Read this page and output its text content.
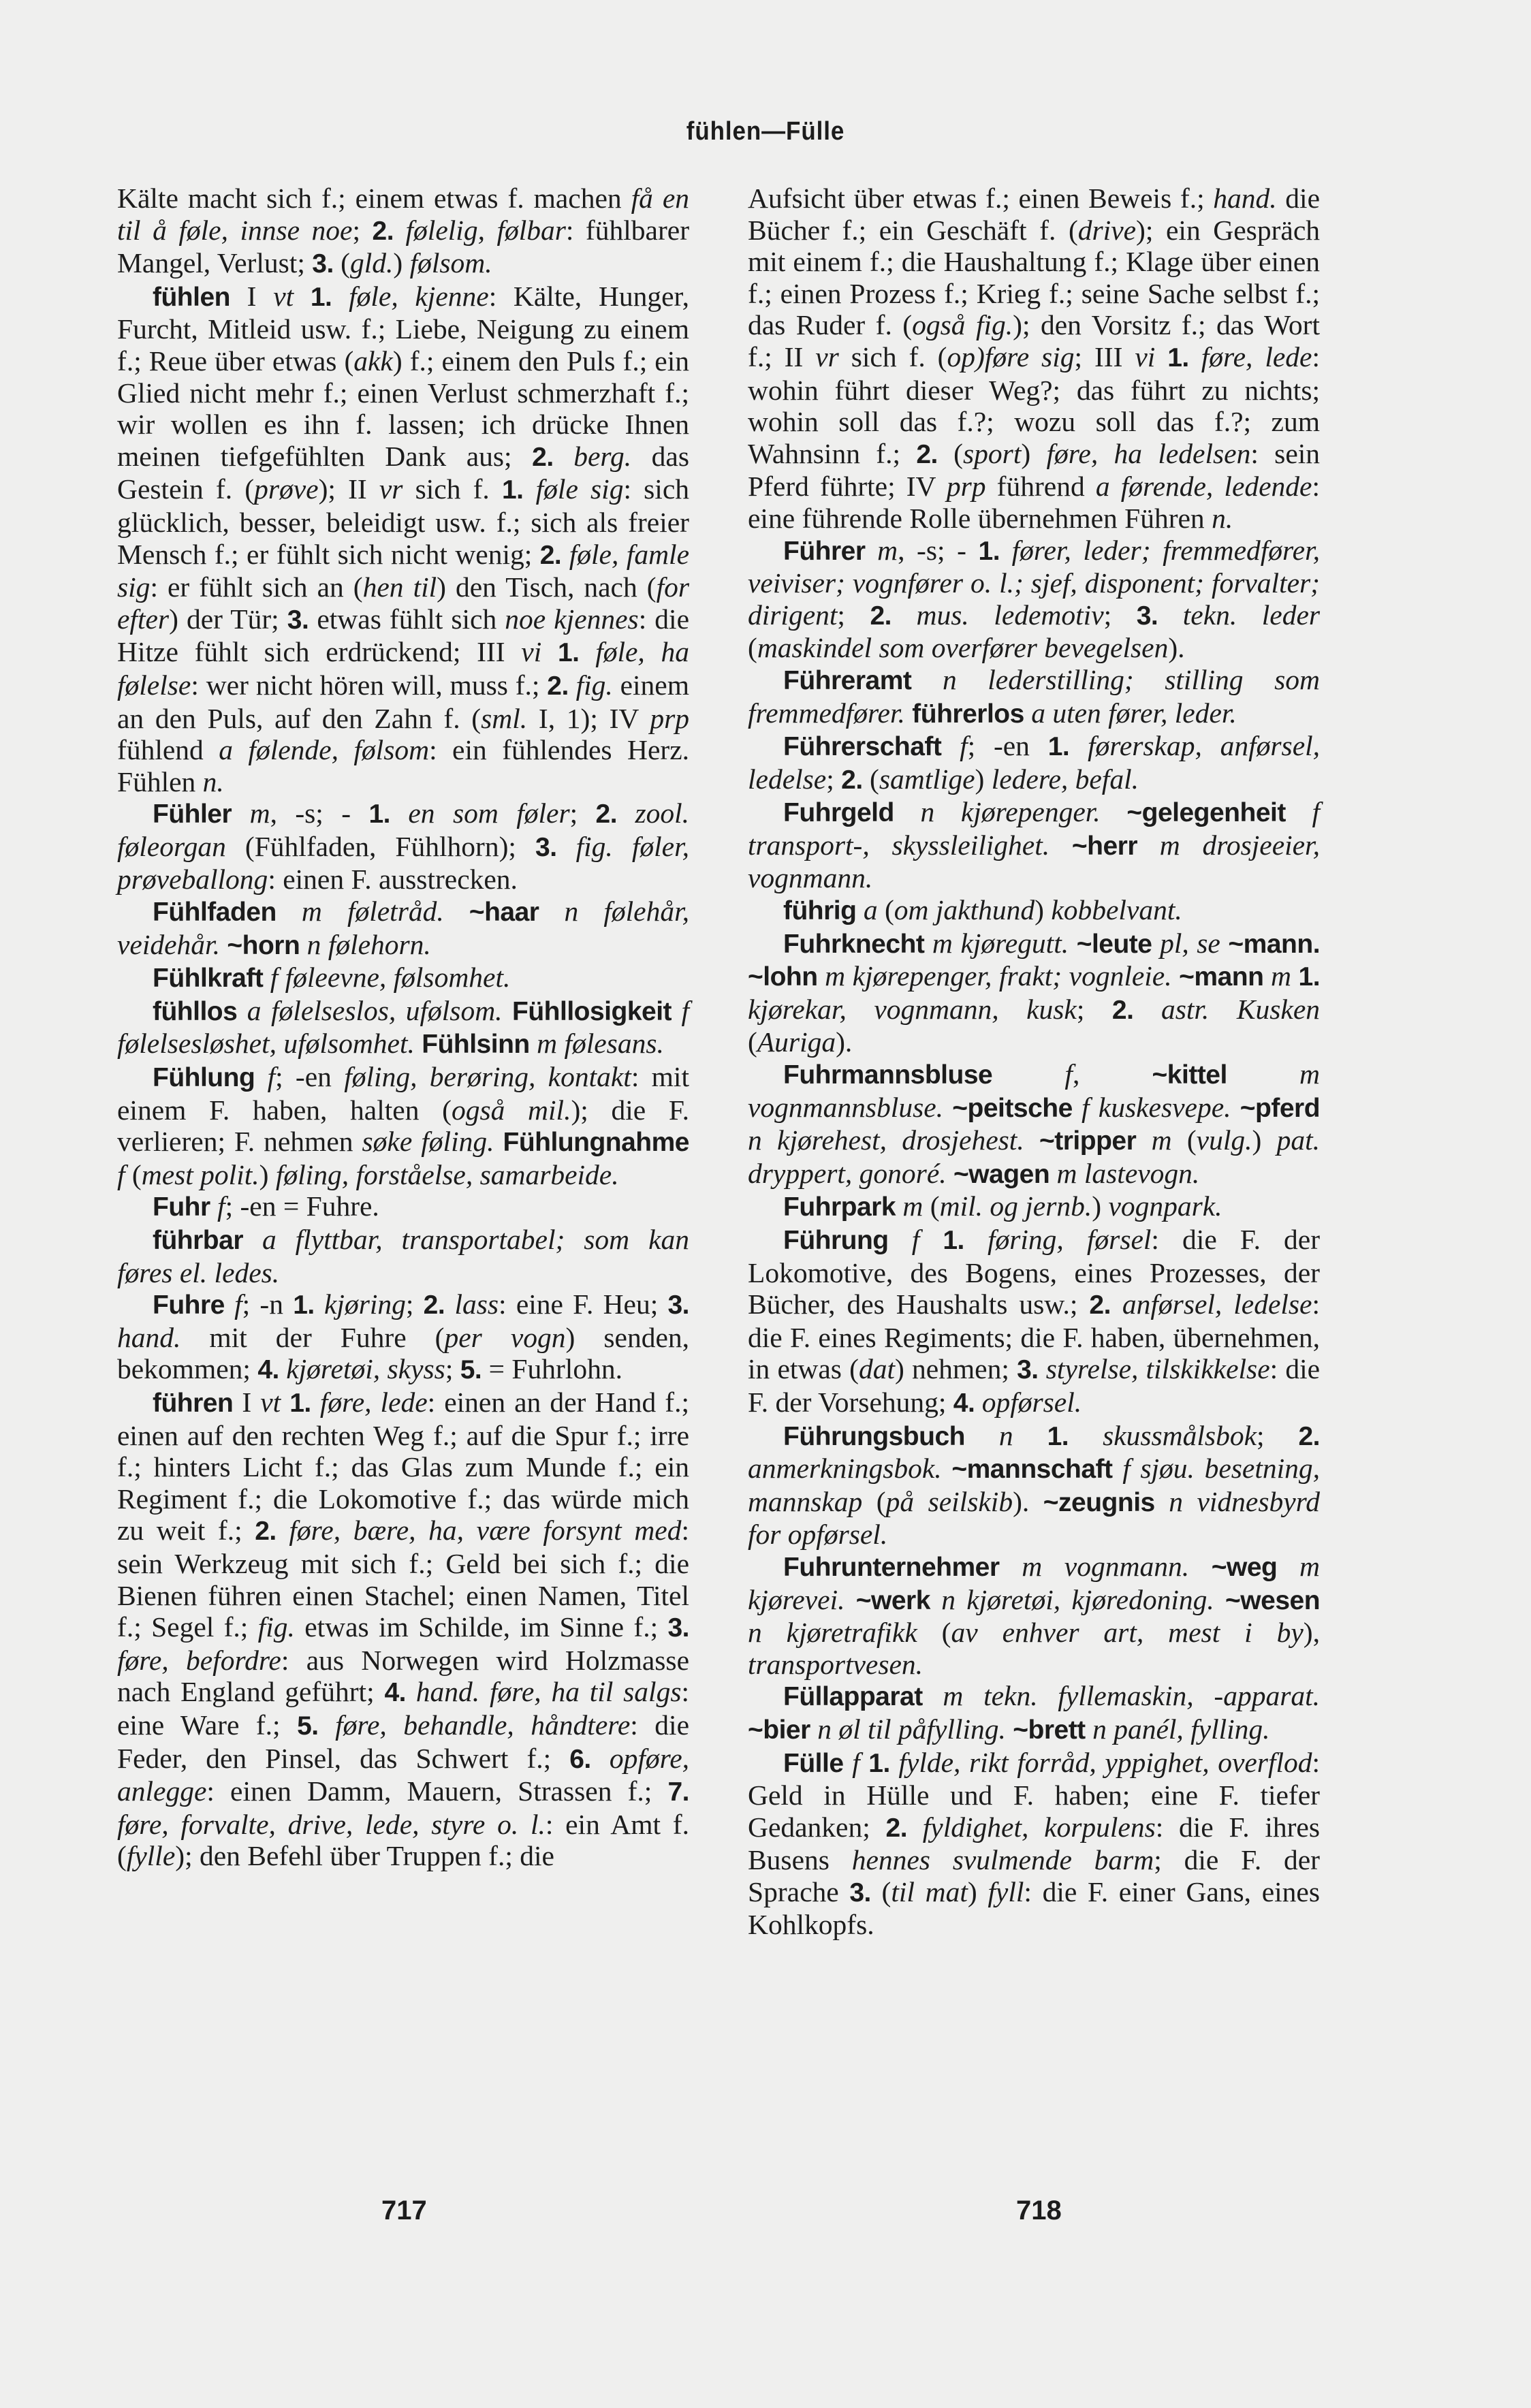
fühlen—Fülle

Kälte macht sich f.; einem etwas f. machen få en til å føle, innse noe; 2. følelig, følbar: fühlbarer Mangel, Verlust; 3. (gld.) følsom.

fühlen I vt 1. føle, kjenne: Kälte, Hunger, Furcht, Mitleid usw. f.; Liebe, Neigung zu einem f.; Reue über etwas (akk) f.; einem den Puls f.; ein Glied nicht mehr f.; einen Verlust schmerzhaft f.; wir wollen es ihn f. lassen; ich drücke Ihnen meinen tiefgefühlten Dank aus; 2. berg. das Gestein f. (prøve); II vr sich f. 1. føle sig: sich glücklich, besser, beleidigt usw. f.; sich als freier Mensch f.; er fühlt sich nicht wenig; 2. føle, famle sig: er fühlt sich an (hen til) den Tisch, nach (for efter) der Tür; 3. etwas fühlt sich noe kjennes: die Hitze fühlt sich erdrückend; III vi 1. føle, ha følelse: wer nicht hören will, muss f.; 2. fig. einem an den Puls, auf den Zahn f. (sml. I, 1); IV prp fühlend a følende, følsom: ein fühlendes Herz. Fühlen n.

Fühler m, -s; - 1. en som føler; 2. zool. føleorgan (Fühlfaden, Fühlhorn); 3. fig. føler, prøveballong: einen F. ausstrecken.

Fühlfaden m føletråd. ~haar n følehår, veidehår. ~horn n følehorn.

Fühlkraft f føleevne, følsomhet.

fühllos a følelseslos, ufølsom. Fühllosigkeit f følelsesløshet, ufølsomhet. Fühlsinn m følesans.

Fühlung f; -en føling, berøring, kontakt: mit einem F. haben, halten (også mil.); die F. verlieren; F. nehmen søke føling. Fühlungnahme f (mest polit.) føling, forståelse, samarbeide.

Fuhr f; -en = Fuhre.

führbar a flyttbar, transportabel; som kan føres el. ledes.

Fuhre f; -n 1. kjøring; 2. lass: eine F. Heu; 3. hand. mit der Fuhre (per vogn) senden, bekommen; 4. kjøretøi, skyss; 5. = Fuhrlohn.

führen I vt 1. føre, lede: einen an der Hand f.; einen auf den rechten Weg f.; auf die Spur f.; irre f.; hinters Licht f.; das Glas zum Munde f.; ein Regiment f.; die Lokomotive f.; das würde mich zu weit f.; 2. føre, bære, ha, være forsynt med: sein Werkzeug mit sich f.; Geld bei sich f.; die Bienen führen einen Stachel; einen Namen, Titel f.; Segel f.; fig. etwas im Schilde, im Sinne f.; 3. føre, befordre: aus Norwegen wird Holzmasse nach England geführt; 4. hand. føre, ha til salgs: eine Ware f.; 5. føre, behandle, håndtere: die Feder, den Pinsel, das Schwert f.; 6. opføre, anlegge: einen Damm, Mauern, Strassen f.; 7. føre, forvalte, drive, lede, styre o. l.: ein Amt f. (fylle); den Befehl über Truppen f.; die

Aufsicht über etwas f.; einen Beweis f.; hand. die Bücher f.; ein Geschäft f. (drive); ein Gespräch mit einem f.; die Haushaltung f.; Klage über einen f.; einen Prozess f.; Krieg f.; seine Sache selbst f.; das Ruder f. (også fig.); den Vorsitz f.; das Wort f.; II vr sich f. (op)føre sig; III vi 1. føre, lede: wohin führt dieser Weg?; das führt zu nichts; wohin soll das f.?; wozu soll das f.?; zum Wahnsinn f.; 2. (sport) føre, ha ledelsen: sein Pferd führte; IV prp führend a førende, ledende: eine führende Rolle übernehmen Führen n.

Führer m, -s; - 1. fører, leder; fremmedfører, veiviser; vognfører o. l.; sjef, disponent; forvalter; dirigent; 2. mus. ledemotiv; 3. tekn. leder (maskindel som overfører bevegelsen).

Führeramt n lederstilling; stilling som fremmedfører. führerlos a uten fører, leder.

Führerschaft f; -en 1. førerskap, anførsel, ledelse; 2. (samtlige) ledere, befal.

Fuhrgeld n kjørepenger. ~gelegenheit f transport-, skyssleilighet. ~herr m drosjeeier, vognmann.

führig a (om jakthund) kobbelvant.

Fuhrknecht m kjøregutt. ~leute pl, se ~mann. ~lohn m kjørepenger, frakt; vognleie. ~mann m 1. kjørekar, vognmann, kusk; 2. astr. Kusken (Auriga).

Fuhrmannsbluse	f, ~kittel	m vognmannsbluse. ~peitsche f kuskesvepe. ~pferd n kjørehest, drosjehest. ~tripper m (vulg.) pat. dryppert, gonoré. ~wagen m lastevogn.

Fuhrpark m (mil. og jernb.) vognpark.

Führung f 1. føring, førsel: die F. der Lokomotive, des Bogens, eines Prozesses, der Bücher, des Haushalts usw.; 2. anførsel, ledelse: die F. eines Regiments; die F. haben, übernehmen, in etwas (dat) nehmen; 3. styrelse, tilskikkelse: die F. der Vorsehung; 4. opførsel.

Führungsbuch n 1. skussmålsbok; 2. anmerkningsbok. ~mannschaft f sjøu. besetning, mannskap (på seilskib). ~zeugnis n vidnesbyrd for opførsel.

Fuhrunternehmer m vognmann. ~weg m kjørevei. ~werk n kjøretøi, kjøredoning. ~wesen n kjøretrafikk (av enhver art, mest i by), transportvesen.

Füllapparat m tekn. fyllemaskin, -apparat. ~bier n øl til påfylling. ~brett n panél, fylling.

Fülle f 1. fylde, rikt forråd, yppighet, overflod: Geld in Hülle und F. haben; eine F. tiefer Gedanken; 2. fyldighet, korpulens: die F. ihres Busens hennes svulmende barm; die F. der Sprache 3. (til mat) fyll: die F. einer Gans, eines Kohlkopfs.

717	718
